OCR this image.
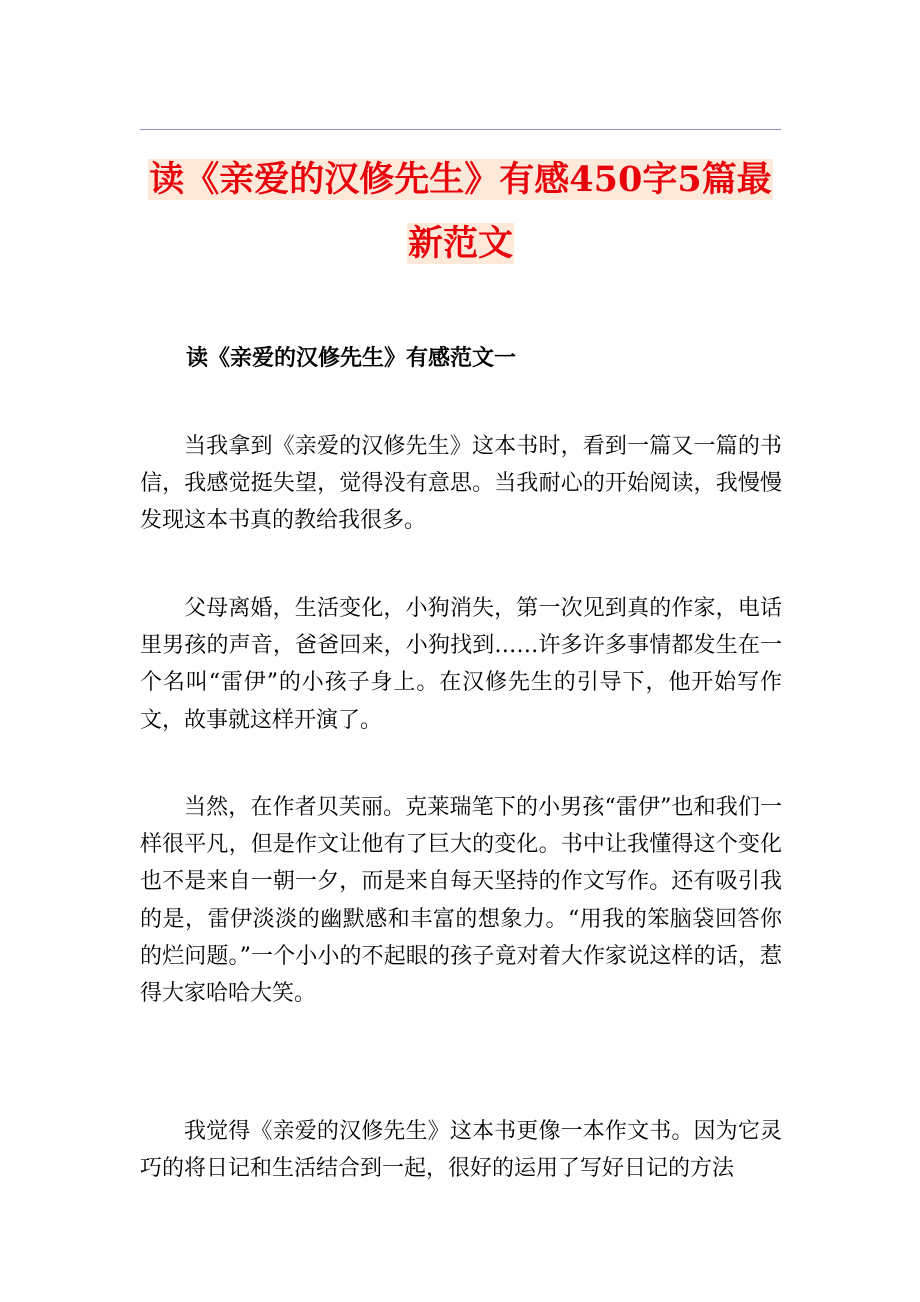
读《亲爱的汉修先生》有感450字5篇最
新范文
读《亲爱的汉修先生》有感范文一

当我拿到《亲爱的汉修先生》这本书时，看到一篇又一篇的书信，我感觉挺失望，觉得没有意思。当我耐心的开始阅读，我慢慢发现这本书真的教给我很多。

父母离婚，生活变化，小狗消失，第一次见到真的作家，电话里男孩的声音，爸爸回来，小狗找到……许多许多事情都发生在一个名叫“雷伊”的小孩子身上。在汉修先生的引导下，他开始写作文，故事就这样开演了。

当然，在作者贝芙丽。克莱瑞笔下的小男孩“雷伊”也和我们一样很平凡，但是作文让他有了巨大的变化。书中让我懂得这个变化也不是来自一朝一夕，而是来自每天坚持的作文写作。还有吸引我的是，雷伊淡淡的幽默感和丰富的想象力。“用我的笨脑袋回答你的烂问题。”一个小小的不起眼的孩子竟对着大作家说这样的话，惹得大家哈哈大笑。

我觉得《亲爱的汉修先生》这本书更像一本作文书。因为它灵巧的将日记和生活结合到一起，很好的运用了写好日记的方法
